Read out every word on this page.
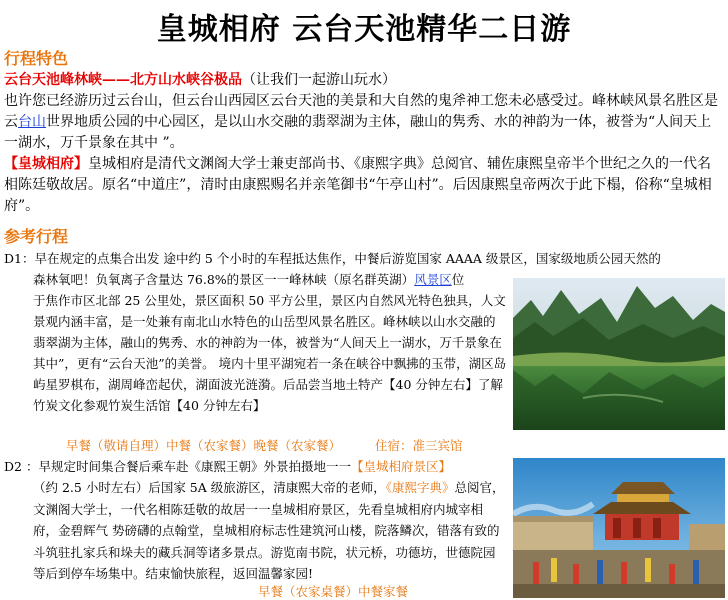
皇城相府 云台天池精华二日游
行程特色
云台天池峰林峡——北方山水峡谷极品（让我们一起游山玩水）
也许您已经游历过云台山，但云台山西园区云台天池的美景和大自然的鬼斧神工您未必感受过。峰林峡风景名胜区是云台山世界地质公园的中心园区，是以山水交融的翡翠湖为主体，融山的隽秀、水的神韵为一体，被誉为“人间天上一湖水，万千景象在其中 ”。
【皇城相府】皇城相府是清代文渊阁大学士兼吏部尚书、《康熙字典》总阅官、辅佐康熙皇帝半个世纪之久的一代名相陈廷敬故居。原名“中道庄”，清时由康熙赐名并亲笔御书“午亭山村”。后因康熙皇帝两次于此下榻，俗称“皇城相府”。
参考行程
D1：早在规定的点集合出发 途中约 5 个小时的车程抵达焦作，中餐后游览国家 AAAA 级景区，国家级地质公园天然的
森林氧吧！负氧离子含量达 76.8%的景区一一峰林峡（原名群英湖）风景区位
于焦作市区北部 25 公里处，景区面积 50 平方公里，景区内自然风光特色独具，人文景观内涵丰富，是一处兼有南北山水特色的山岳型风景名胜区。峰林峡以山水交融的翡翠湖为主体，融山的隽秀、水的神韵为一体，被誉为“人间天上一湖水，万千景象在其中”，更有“云台天池”的美誉。 境内十里平湖宛若一条在峡谷中飘拂的玉带，湖区岛屿星罗棋布，湖周峰峦起伏，湖面波光涟漪。后品尝当地土特产【40 分钟左右】了解竹炭文化参观竹炭生活馆【40 分钟左右】
早餐（敬请自理）中餐（农家餐）晚餐（农家餐）	住宿：准三宾馆
D2 ：早规定时间集合餐后乘车赴《康熙王朝》外景拍摄地一一【皇城相府景区】
（约 2.5 小时左右）后国家 5A 级旅游区，清康熙大帝的老师，《康熙字典》总阅官，文渊阁大学士，一代名相陈廷敬的故居一一皇城相府景区，先看皇城相府内城宰相府，金碧辉气 势磅礴的点翰堂，皇城相府标志性建筑河山楼，院落鳞次，错落有致的斗筑驻扎家兵和垛夫的藏兵洞等诸多景点。游览南书院，状元桥，功德坊，世德院园等后到停车场集中。结束愉快旅程，返回温馨家园!
早餐（农家桌餐）中餐家餐
